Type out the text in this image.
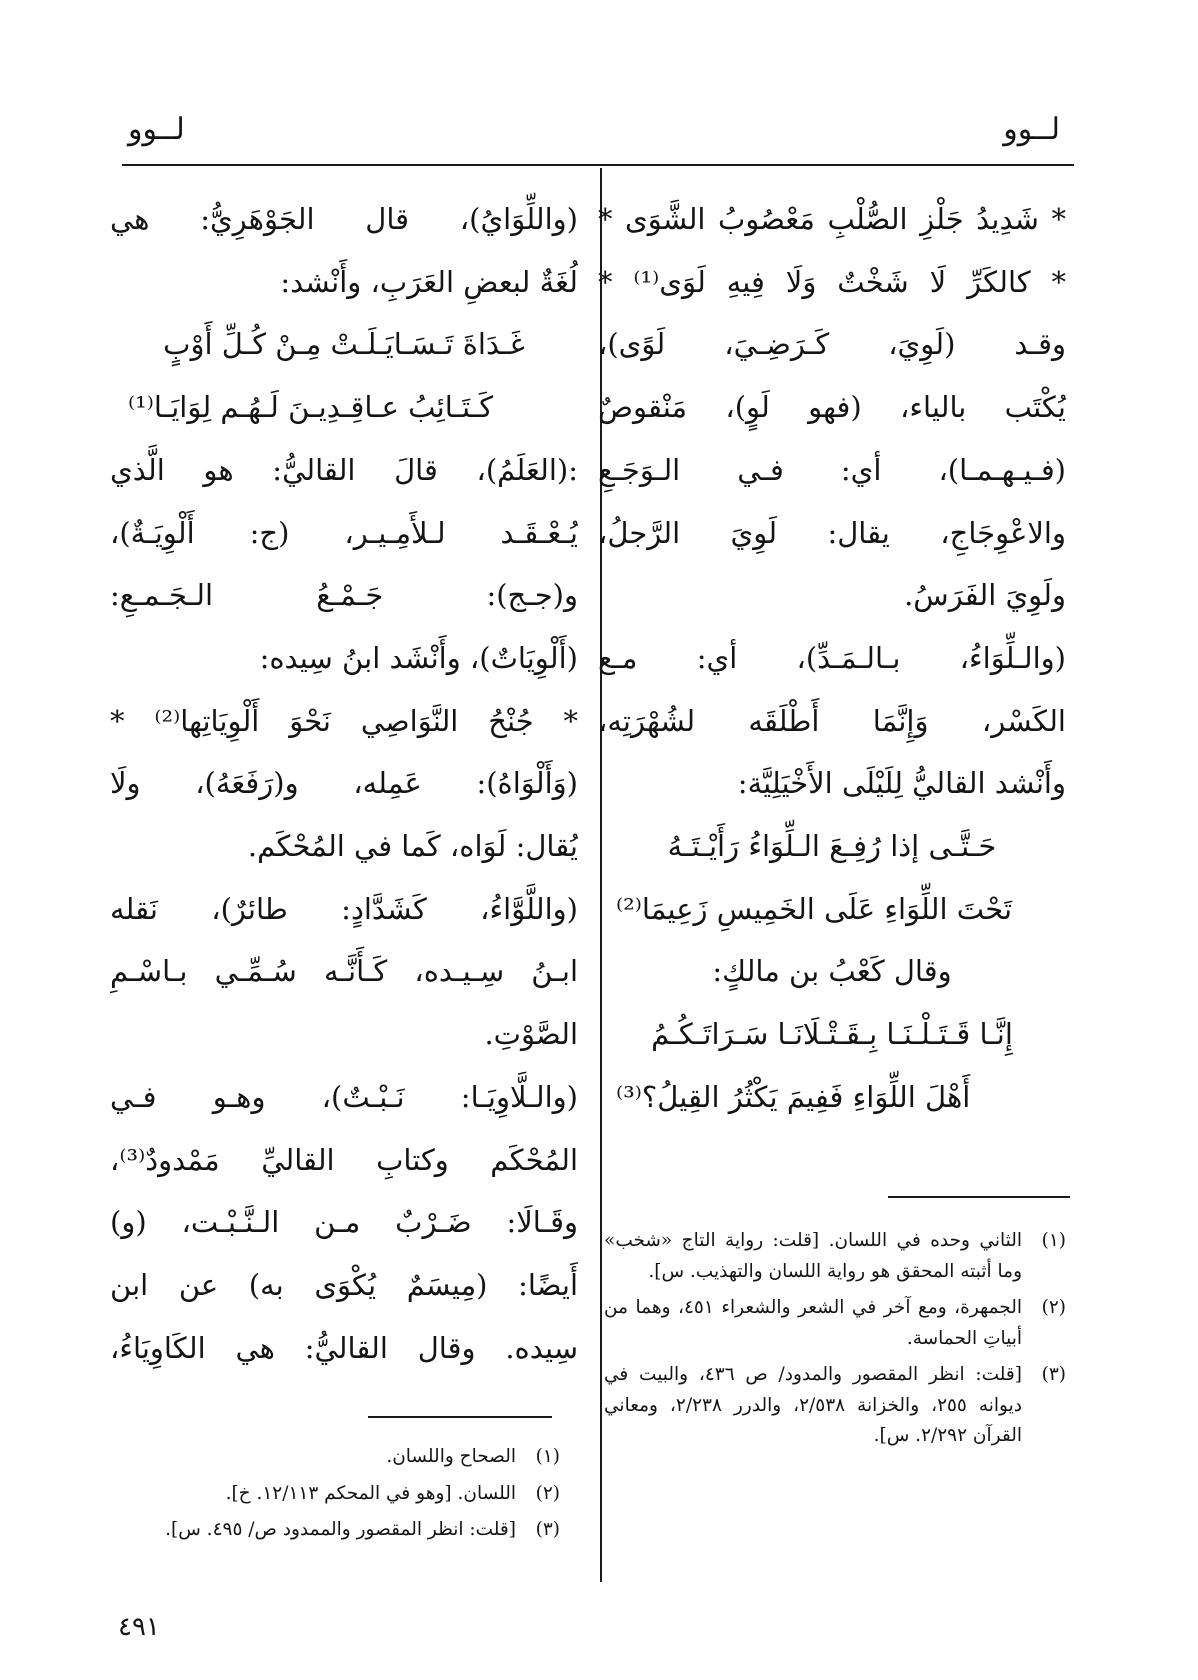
لــوو
لــوو
* شَدِيدُ جَلْزِ الصُّلْبِ مَعْصُوبُ الشَّوَى *
* كالكَرِّ لَا شَخْتٌ وَلَا فِيهِ لَوَى⁽¹⁾ *
وقـد (لَوِيَ، كَـرَضِـيَ، لَوًى)،
يُكْتَب بالياء، (فهو لَوٍ)، مَنْقوصٌ
(فـيـهـمـا)، أي: فـي الـوَجَـعِ
والاعْوِجَاجِ، يقال: لَوِيَ الرَّجلُ،
ولَوِيَ الفَرَسُ.
(والـلِّوَاءُ، بـالـمَـدِّ)، أي: مـع
الكَسْر، وَإِنَّمَا أَطْلَقَه لشُهْرَتِه،
وأَنْشد القاليُّ لِلَيْلَى الأَخْيَلِيَّة:
حَـتَّـى إذا رُفِـعَ الـلِّوَاءُ رَأَيْـتَـهُ
تَحْتَ اللِّوَاءِ عَلَى الخَمِيسِ زَعِيمَا⁽²⁾
وقال كَعْبُ بن مالكٍ:
إِنَّـا قَـتَـلْـنَـا بِـقَـتْـلَانَـا سَـرَاتَـكُـمُ
أَهْلَ اللِّوَاءِ فَفِيمَ يَكْثُرُ القِيلُ؟⁽³⁾
(١)
الثاني وحده في اللسان. [قلت: رواية التاج «شخب» وما أثبته المحقق هو رواية اللسان والتهذيب. س].
(٢)
الجمهرة، ومع آخر في الشعر والشعراء ٤٥١، وهما من أبياتِ الحماسة.
(٣)
[قلت: انظر المقصور والمدود/ ص ٤٣٦، والبيت في ديوانه ٢٥٥، والخزانة ٢/٥٣٨، والدرر ٢/٢٣٨، ومعاني القرآن ٢/٢٩٢. س].
(واللِّوَايُ)، قال الجَوْهَرِيُّ: هي
لُغَةٌ لبعضِ العَرَبِ، وأَنْشد:
غَـدَاةَ تَـسَـايَـلَـتْ مِـنْ كُـلِّ أَوْبٍ
كَـتَـائِبُ عـاقِـدِيـنَ لَـهُـم لِوَايَـا⁽¹⁾
:(العَلَمُ)، قالَ القاليُّ: هو الَّذي
يُـعْـقَـد لـلأَمِـيـر، (ج: أَلْوِيَـةٌ)،
و(جـج): جَـمْـعُ الـجَـمـعِ:
(أَلْوِيَاتٌ)، وأَنْشَد ابنُ سِيده:
* جُنْحُ النَّوَاصِي نَحْوَ أَلْوِيَاتِها⁽²⁾ *
(وَأَلْوَاهُ): عَمِله، و(رَفَعَهُ)، ولَا
يُقال: لَوَاه، كَما في المُحْكَم.
(واللَّوَّاءُ، كَشَدَّادٍ: طائرٌ)، نَقله
ابـنُ سِـيـده، كَـأَنَّـه سُـمِّـي بـاسْـمِ
الصَّوْتِ.
(والـلَّاوِيَـا: نَـبْـتٌ)، وهـو فـي
المُحْكَم وكتابِ القاليِّ مَمْدودٌ⁽³⁾،
وقَـالَا: ضَـرْبٌ مـن الـنَّـبْـت، (و)
أَيضًا: (مِيسَمٌ يُكْوَى به) عن ابن
سِيده. وقال القاليُّ: هي الكَاوِيَاءُ،
(١)
الصحاح واللسان.
(٢)
اللسان. [وهو في المحكم ١٢/١١٣. خ].
(٣)
[قلت: انظر المقصور والممدود ص/ ٤٩٥. س].
٤٩١
